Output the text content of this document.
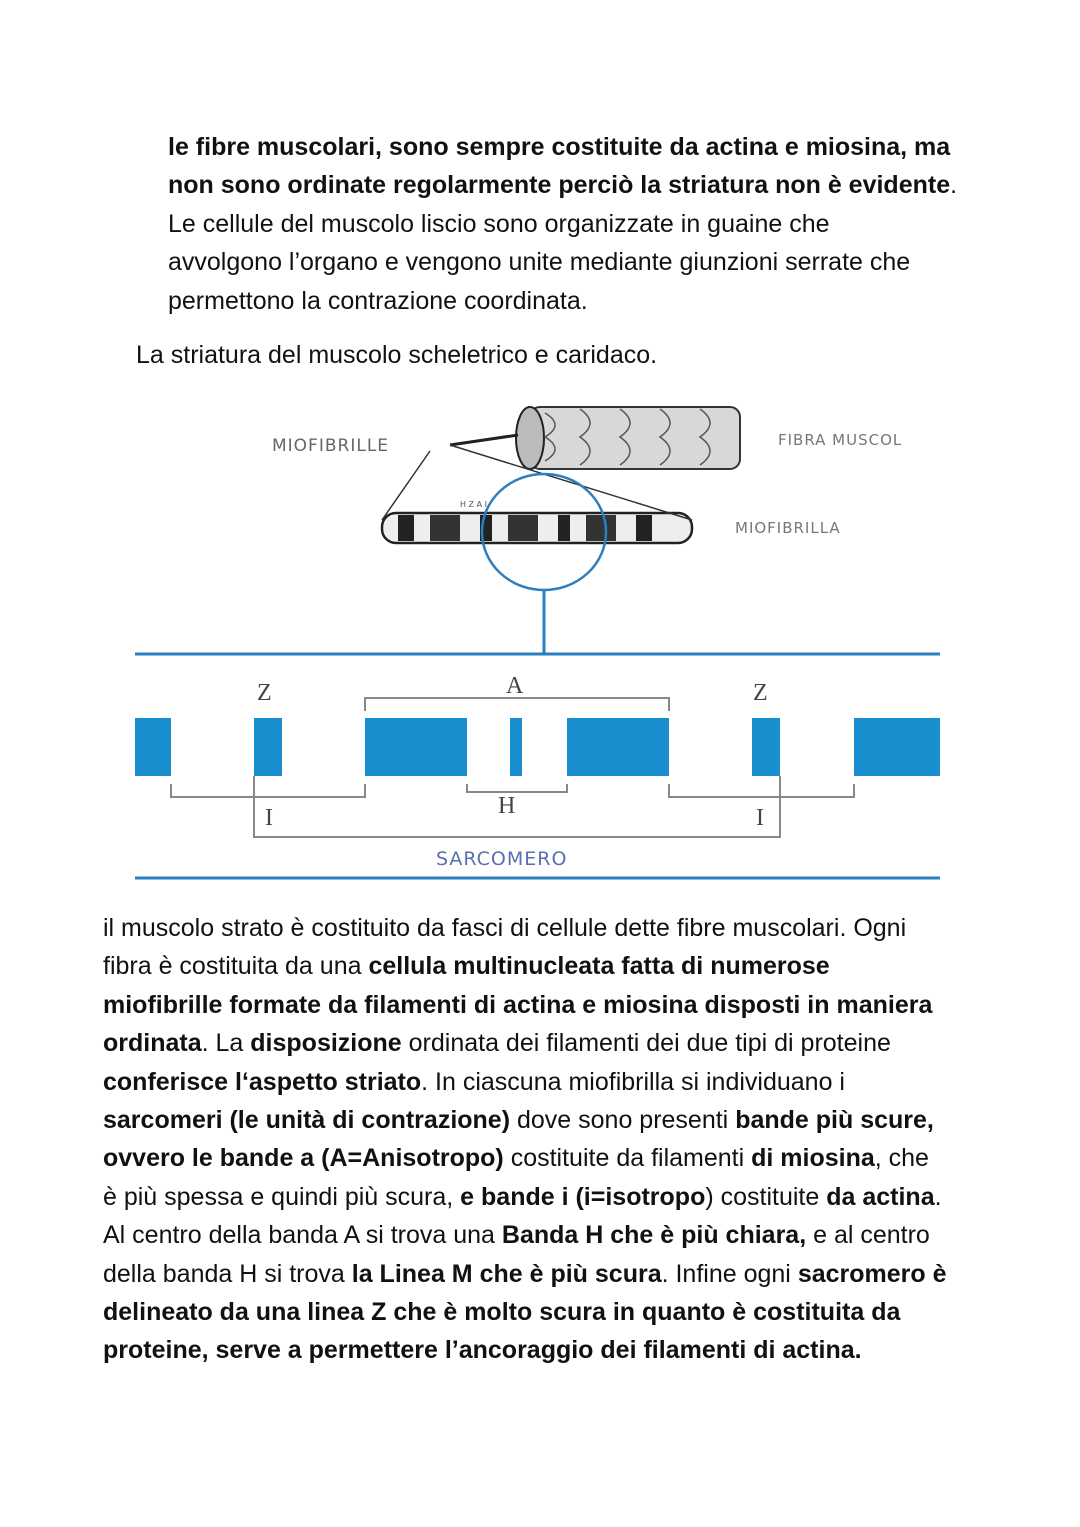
le fibre muscolari, sono sempre costituite da actina e miosina, ma
non sono ordinate regolarmente perciò la striatura non è evidente.
Le cellule del muscolo liscio sono organizzate in guaine che
avvolgono l’organo e vengono unite mediante giunzioni serrate che
permettono la contrazione coordinata.
La striatura del muscolo scheletrico e caridaco.
H Z A I
MIOFIBRILLE	FIBRA MUSCOL
MIOFIBRILLA
Z	A	Z
I	H	I
SARCOMERO
il muscolo strato è costituito da fasci di cellule dette fibre muscolari. Ogni
fibra è costituita da una cellula multinucleata fatta di numerose
miofibrille formate da filamenti di actina e miosina disposti in maniera
ordinata. La disposizione ordinata dei filamenti dei due tipi di proteine
conferisce l‘aspetto striato. In ciascuna miofibrilla si individuano i
sarcomeri (le unità di contrazione) dove sono presenti bande più scure,
ovvero le bande a (A=Anisotropo) costituite da filamenti di miosina, che
è più spessa e quindi più scura, e bande i (i=isotropo) costituite da actina.
Al centro della banda A si trova una Banda H che è più chiara, e al centro
della banda H si trova la Linea M che è più scura. Infine ogni sacromero è
delineato da una linea Z che è molto scura in quanto è costituita da
proteine, serve a permettere l’ancoraggio dei filamenti di actina.
